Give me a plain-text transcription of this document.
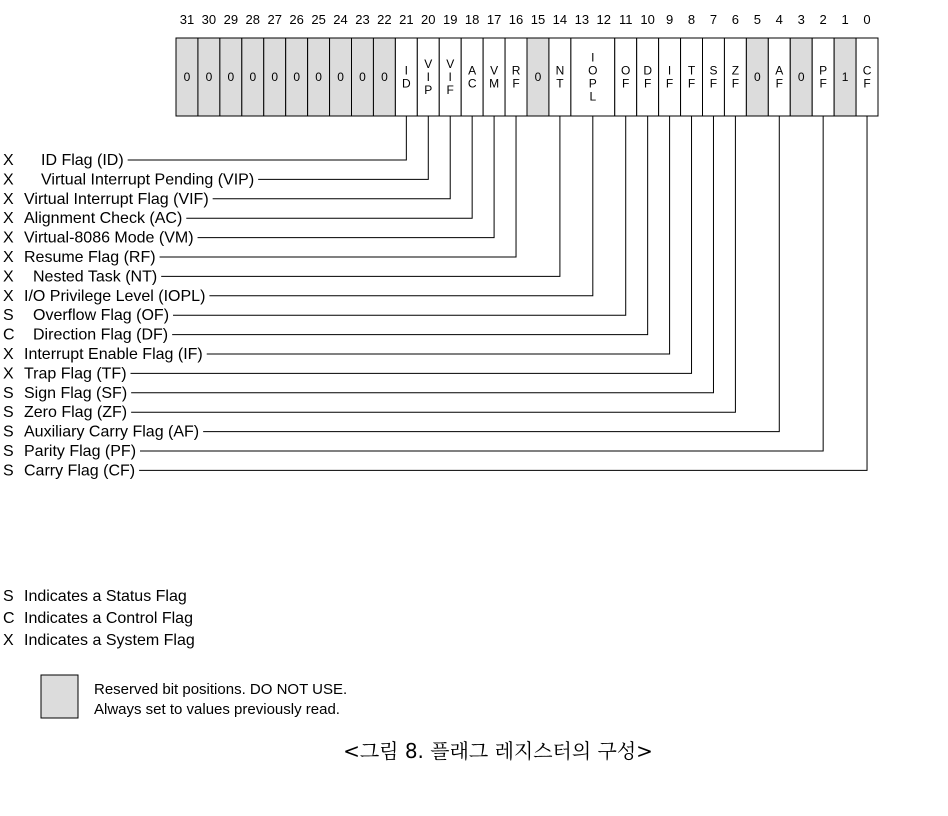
31 30 29 28 27 26 25 24 23 22 21 20 19 18 17 16 15 14 13 12 11 10 9 8 7 6 5 4 3 2 1 0
0 0 0 0 0 0 0 0 0 0 I
D
V
I
P
V
I
F
A
C
V
M
R
F 0 N
T
I
O
P
L
O
F
D
F
I
F
T
F
S
F
Z
F 0 A
F 0 P
F 1 C
F
X ID Flag (ID)
X Virtual Interrupt Pending (VIP)
X Virtual Interrupt Flag (VIF)
X Alignment Check (AC)
X Virtual-8086 Mode (VM)
X Resume Flag (RF)
X Nested Task (NT)
X I/O Privilege Level (IOPL)
S Overflow Flag (OF)
C Direction Flag (DF)
X Interrupt Enable Flag (IF)
X Trap Flag (TF)
S Sign Flag (SF)
S Zero Flag (ZF)
S Auxiliary Carry Flag (AF)
S Parity Flag (PF)
S Carry Flag (CF)
S Indicates a Status Flag
C Indicates a Control Flag
X Indicates a System Flag
Reserved bit positions. DO NOT USE.
Always set to values previously read.
<그림 8. 플래그 레지스터의 구성>
